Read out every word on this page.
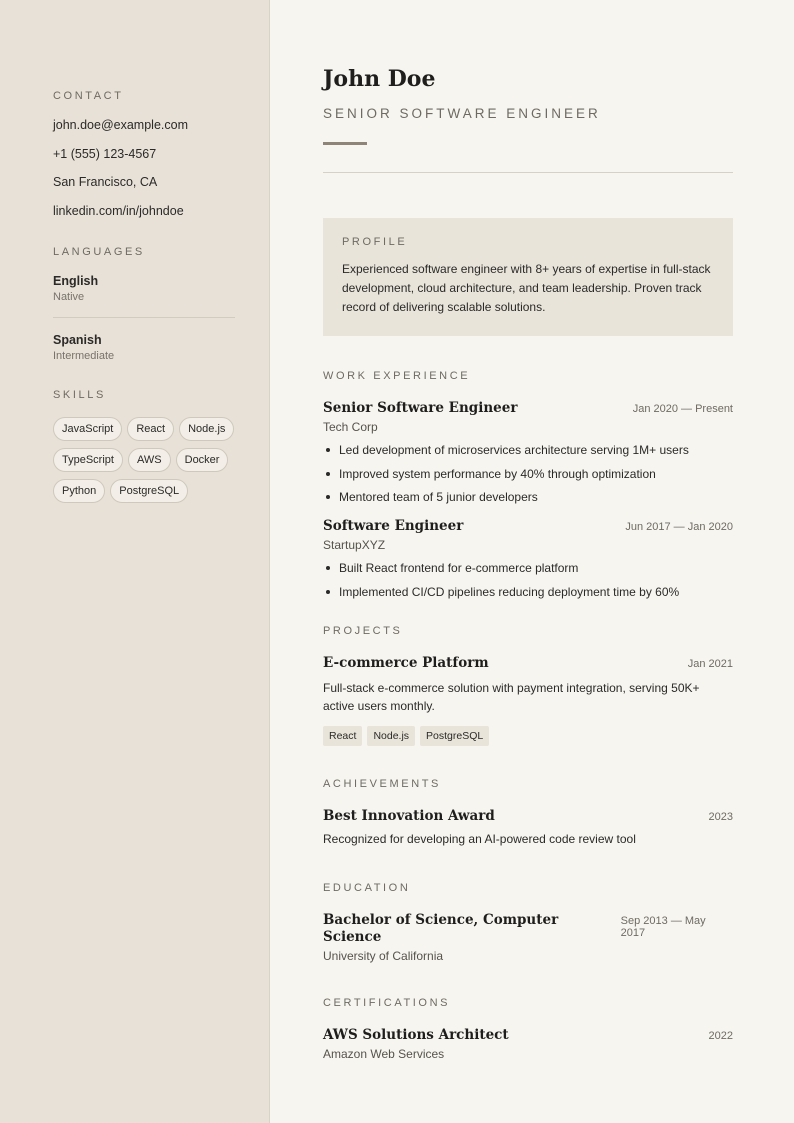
CONTACT
john.doe@example.com
+1 (555) 123-4567
San Francisco, CA
linkedin.com/in/johndoe
LANGUAGES
English
Native
Spanish
Intermediate
SKILLS
JavaScript	React	Node.js
TypeScript	AWS	Docker
Python	PostgreSQL
John Doe
SENIOR SOFTWARE ENGINEER
PROFILE

Experienced software engineer with 8+ years of expertise in full-stack development, cloud architecture, and team leadership. Proven track record of delivering scalable solutions.

WORK EXPERIENCE
Senior Software Engineer	Jan 2020 — Present
Tech Corp
Led development of microservices architecture serving 1M+ users
Improved system performance by 40% through optimization
Mentored team of 5 junior developers
Software Engineer	Jun 2017 — Jan 2020
StartupXYZ
Built React frontend for e-commerce platform
Implemented CI/CD pipelines reducing deployment time by 60%
PROJECTS
E-commerce Platform	Jan 2021

Full-stack e-commerce solution with payment integration, serving 50K+ active users monthly.

React	Node.js	PostgreSQL
ACHIEVEMENTS
Best Innovation Award	2023

Recognized for developing an AI-powered code review tool

EDUCATION
Bachelor of Science, Computer Science
Sep 2013 — May 2017
University of California
CERTIFICATIONS
AWS Solutions Architect	2022
Amazon Web Services
